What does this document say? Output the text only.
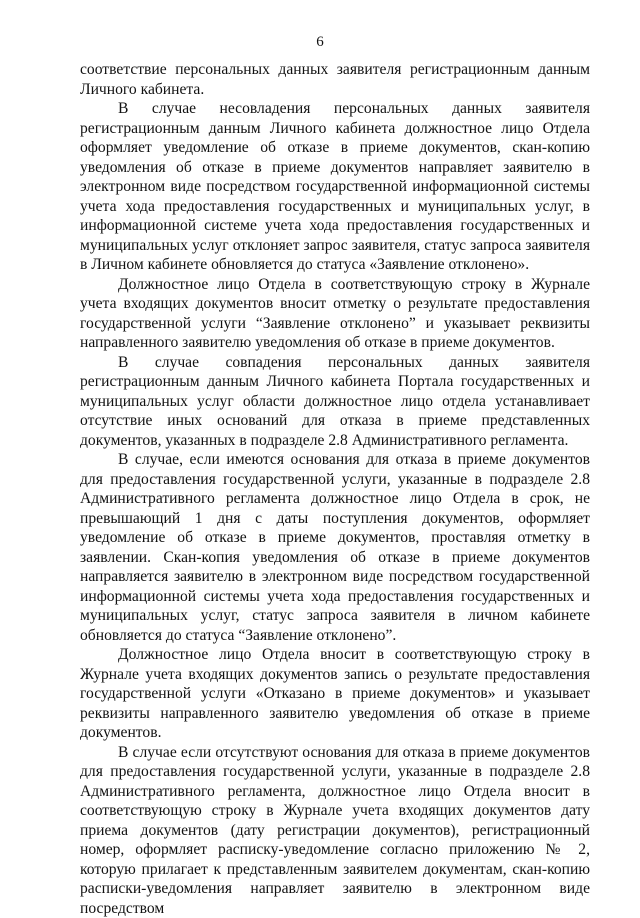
6

соответствие персональных данных заявителя регистрационным данным Личного кабинета.

В случае несовладения персональных данных заявителя регистрационным данным Личного кабинета должностное лицо Отдела оформляет уведомление об отказе в приеме документов, скан-копию уведомления об отказе в приеме документов направляет заявителю в электронном виде посредством государственной информационной системы учета хода предоставления государственных и муниципальных услуг, в информационной системе учета хода предоставления государственных и муниципальных услуг отклоняет запрос заявителя, статус запроса заявителя в Личном кабинете обновляется до статуса «Заявление отклонено».

Должностное лицо Отдела в соответствующую строку в Журнале учета входящих документов вносит отметку о результате предоставления государственной услуги “Заявление отклонено” и указывает реквизиты направленного заявителю уведомления об отказе в приеме документов.

В случае совпадения персональных данных заявителя регистрационным данным Личного кабинета Портала государственных и муниципальных услуг области должностное лицо отдела устанавливает отсутствие иных оснований для отказа в приеме представленных документов, указанных в подразделе 2.8 Административного регламента.

В случае, если имеются основания для отказа в приеме документов для предоставления государственной услуги, указанные в подразделе 2.8 Административного регламента должностное лицо Отдела в срок, не превышающий 1 дня с даты поступления документов, оформляет уведомление об отказе в приеме документов, проставляя отметку в заявлении. Скан-копия уведомления об отказе в приеме документов направляется заявителю в электронном виде посредством государственной информационной системы учета хода предоставления государственных и муниципальных услуг, статус запроса заявителя в личном кабинете обновляется до статуса “Заявление отклонено”.

Должностное лицо Отдела вносит в соответствующую строку в Журнале учета входящих документов запись о результате предоставления государственной услуги «Отказано в приеме документов» и указывает реквизиты направленного заявителю уведомления об отказе в приеме документов.

В случае если отсутствуют основания для отказа в приеме документов для предоставления государственной услуги, указанные в подразделе 2.8 Административного регламента, должностное лицо Отдела вносит в соответствующую строку в Журнале учета входящих документов дату приема документов (дату регистрации документов), регистрационный номер, оформляет расписку-уведомление согласно приложению № 2, которую прилагает к представленным заявителем документам, скан-копию расписки-уведомления направляет заявителю в электронном виде посредством
